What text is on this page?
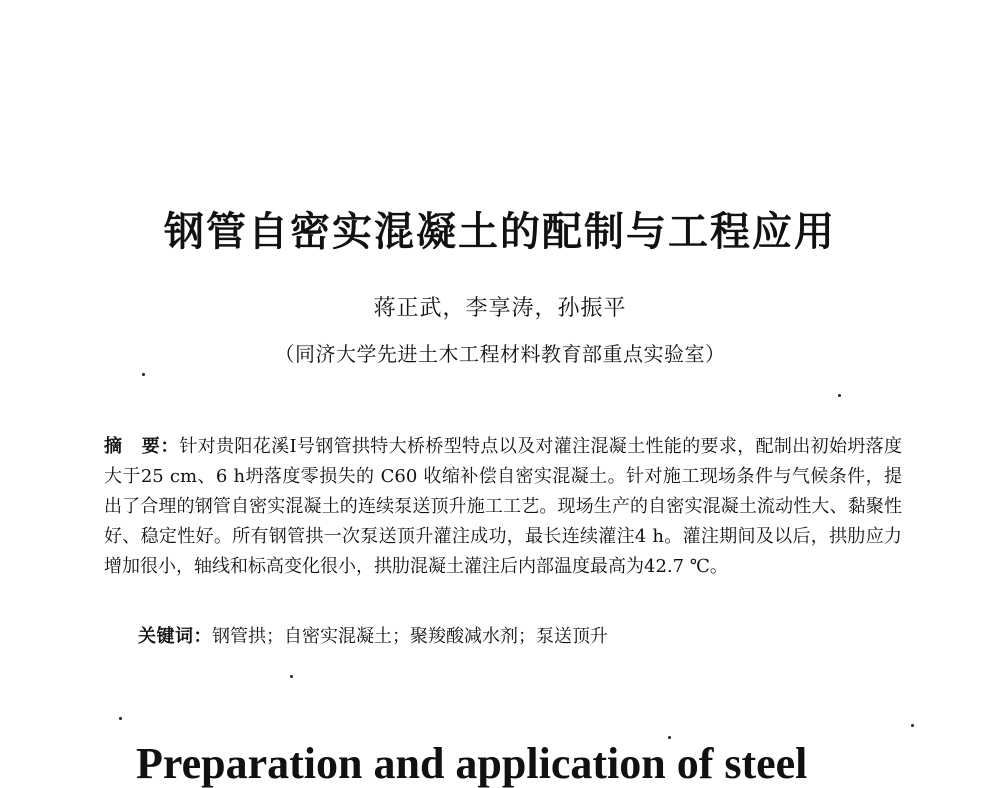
钢管自密实混凝土的配制与工程应用
蒋正武，李享涛，孙振平
（同济大学先进土木工程材料教育部重点实验室）

摘　要：针对贵阳花溪Ⅰ号钢管拱特大桥桥型特点以及对灌注混凝土性能的要求，配制出初始坍落度大于25 cm、6 h坍落度零损失的 C60 收缩补偿自密实混凝土。针对施工现场条件与气候条件，提出了合理的钢管自密实混凝土的连续泵送顶升施工工艺。现场生产的自密实混凝土流动性大、黏聚性好、稳定性好。所有钢管拱一次泵送顶升灌注成功，最长连续灌注4 h。灌注期间及以后，拱肋应力增加很小，轴线和标高变化很小，拱肋混凝土灌注后内部温度最高为42.7 ℃。

关键词：钢管拱；自密实混凝土；聚羧酸减水剂；泵送顶升

Preparation and application of steel
